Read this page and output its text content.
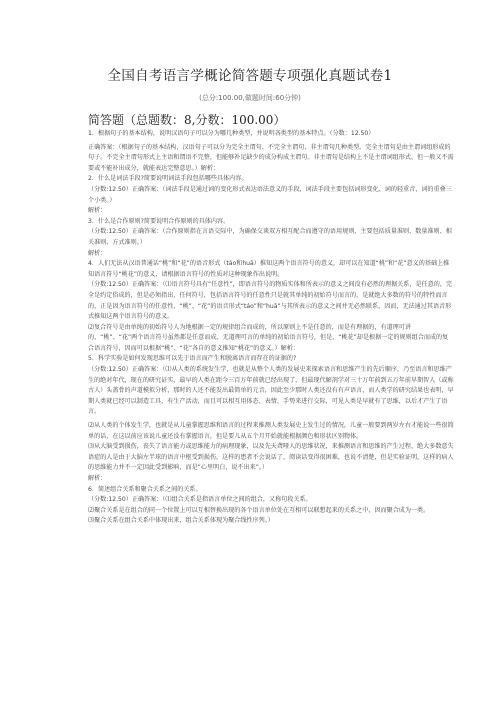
全国自考语言学概论简答题专项强化真题试卷1
(总分:100.00,做题时间:60分钟)
简答题（总题数：8,分数：100.00）

1．根据句子的基本结构，说明汉语句子可以分为哪几种类型，并说明各类型的基本特点。（分数：12.50）

正确答案：（根据句子的基本结构，汉语句子可以分为完全主谓句、不完全主谓句、非主谓句几种类型。完全主谓句是由主谓词组形成的句子。不完全主谓句形式上主语和谓语不完整，但能够补足缺少的成分构成主谓句。非主谓句是结构上不是主谓词组形式，但一般又不需要或不能补出成分，就能表达完整意思。）解析：

2．什么是词法手段?简要说明词法手段包括哪些具体内容。

（分数:12.50）正确答案：（词法手段是通过词的变化形式表达语法意义的手段，词法手段主要包括词形变化、词的轻重音、词的重叠三个小类。）

解析：

3．什么是合作原则?简要说明合作原则的具体内容。

（分数:12.50）正确答案：（合作原则指在言语交际中，为确保交谈双方相互配合而遵守的语用规则，主要包括质量准则、数量准则、相关准则、方式准则。）

解析：

4．人们无法从汉语普通话“桃”和“花”的语音形式（táo和huā）推知这两个语言符号的意义，却可以在知道“桃”和“花”意义的基础上推知语言符号“桃花”的意义，请根据语言符号的性质对这种现象作出说明。

（分数:12.50）正确答案：（⑴语言符号具有“任意性”，即语言符号的物质实体和所表示的意义之间没有必然的理据关系，是任意的，完全是约定俗成的，但是必须指出，任何符号，包括语言符号的任意性只是就其单纯的初始符号而言的，是就绝大多数的符号的特性而言的，正是因为语言符号的任意性，“桃”、“花”的语音形式“táo”和“huā”与其所表示的意义之间并无必然联系，因而，无法通过其语音形式推知这两个语言符号的意义。

⑵复合符号是由单纯的初始符号人为地根据一定的规律组合而成的，所以原则上不是任意的，而是有理据的，有道理可讲的，“桃”、“花”两个语言符号虽然都是任意而成、无道理可言的单纯的初始语言符号，但是，“桃花”却是根据一定的规则组合而成的复合语言符号，因而可以根据“桃”、“花”各自的意义推知“桃花”的意义。）解析：

5．科学实验是如何发现思维可以先于语言而产生和脱离语言而存在的证据的?

（分数:12.50）正确答案：（⑴从人类的系统发生学，也就是从整个人类的发展史来探索语言和思维产生的先后顺序，乃至语言和思维产生的绝对年代，现在的研究证实，最早的人类在距今三百万年前就已经出现了，但最现代解剖学对三十万年前到五万年前早期智人（或称古人）头盖骨的声道模拟分析，那时的人还不能发出最简单的元音，因此至少那时人类还没有有声语言，而人类学的研究结果也表明，早期人类就已经可以制造工具，有生产活动，而且可以相互用体态、表情、手势来进行交际，可见人类是早就有了思维，以后才产生了语言。

⑵从人类的个体发生学，也就是从儿童掌握思维和语言的过程来推测人类发展史上发生过的情况，儿童一般要到两岁左右才能说一些很简单的话，在这以前应该说儿童还没有掌握语言，但是要儿从五个月开始就能根据颜色和形状区别物体。

⑶从大脑受到损伤，丧失了语言能力或思维能力的病理现象，以及先天聋哑人的思维状况，来推测语言和思维的产生过程，绝大多数意失语症的人是由于大脑左半球的语言中枢受到损伤，这样的患者不会说话了，阅读话变得很困难，也说不清楚，但是实验证明，这样的病人的思维能力并不一定因此受到影响，而是“心里明白，说不出来”。）

解析：

6．简述组合关系和聚合关系之间的关系。

（分数:12.50）正确答案：（⑴组合关系是指语言单位之间的组合，又称句段关系。

⑵聚合关系是在组合的同一个位置上可以互相替换出现的各个语言单位处在互相可以联想起来的关系之中，因而聚合成为一类。

⑶聚合关系在组合关系中体现出来，组合关系体现为聚合线性序列。）
